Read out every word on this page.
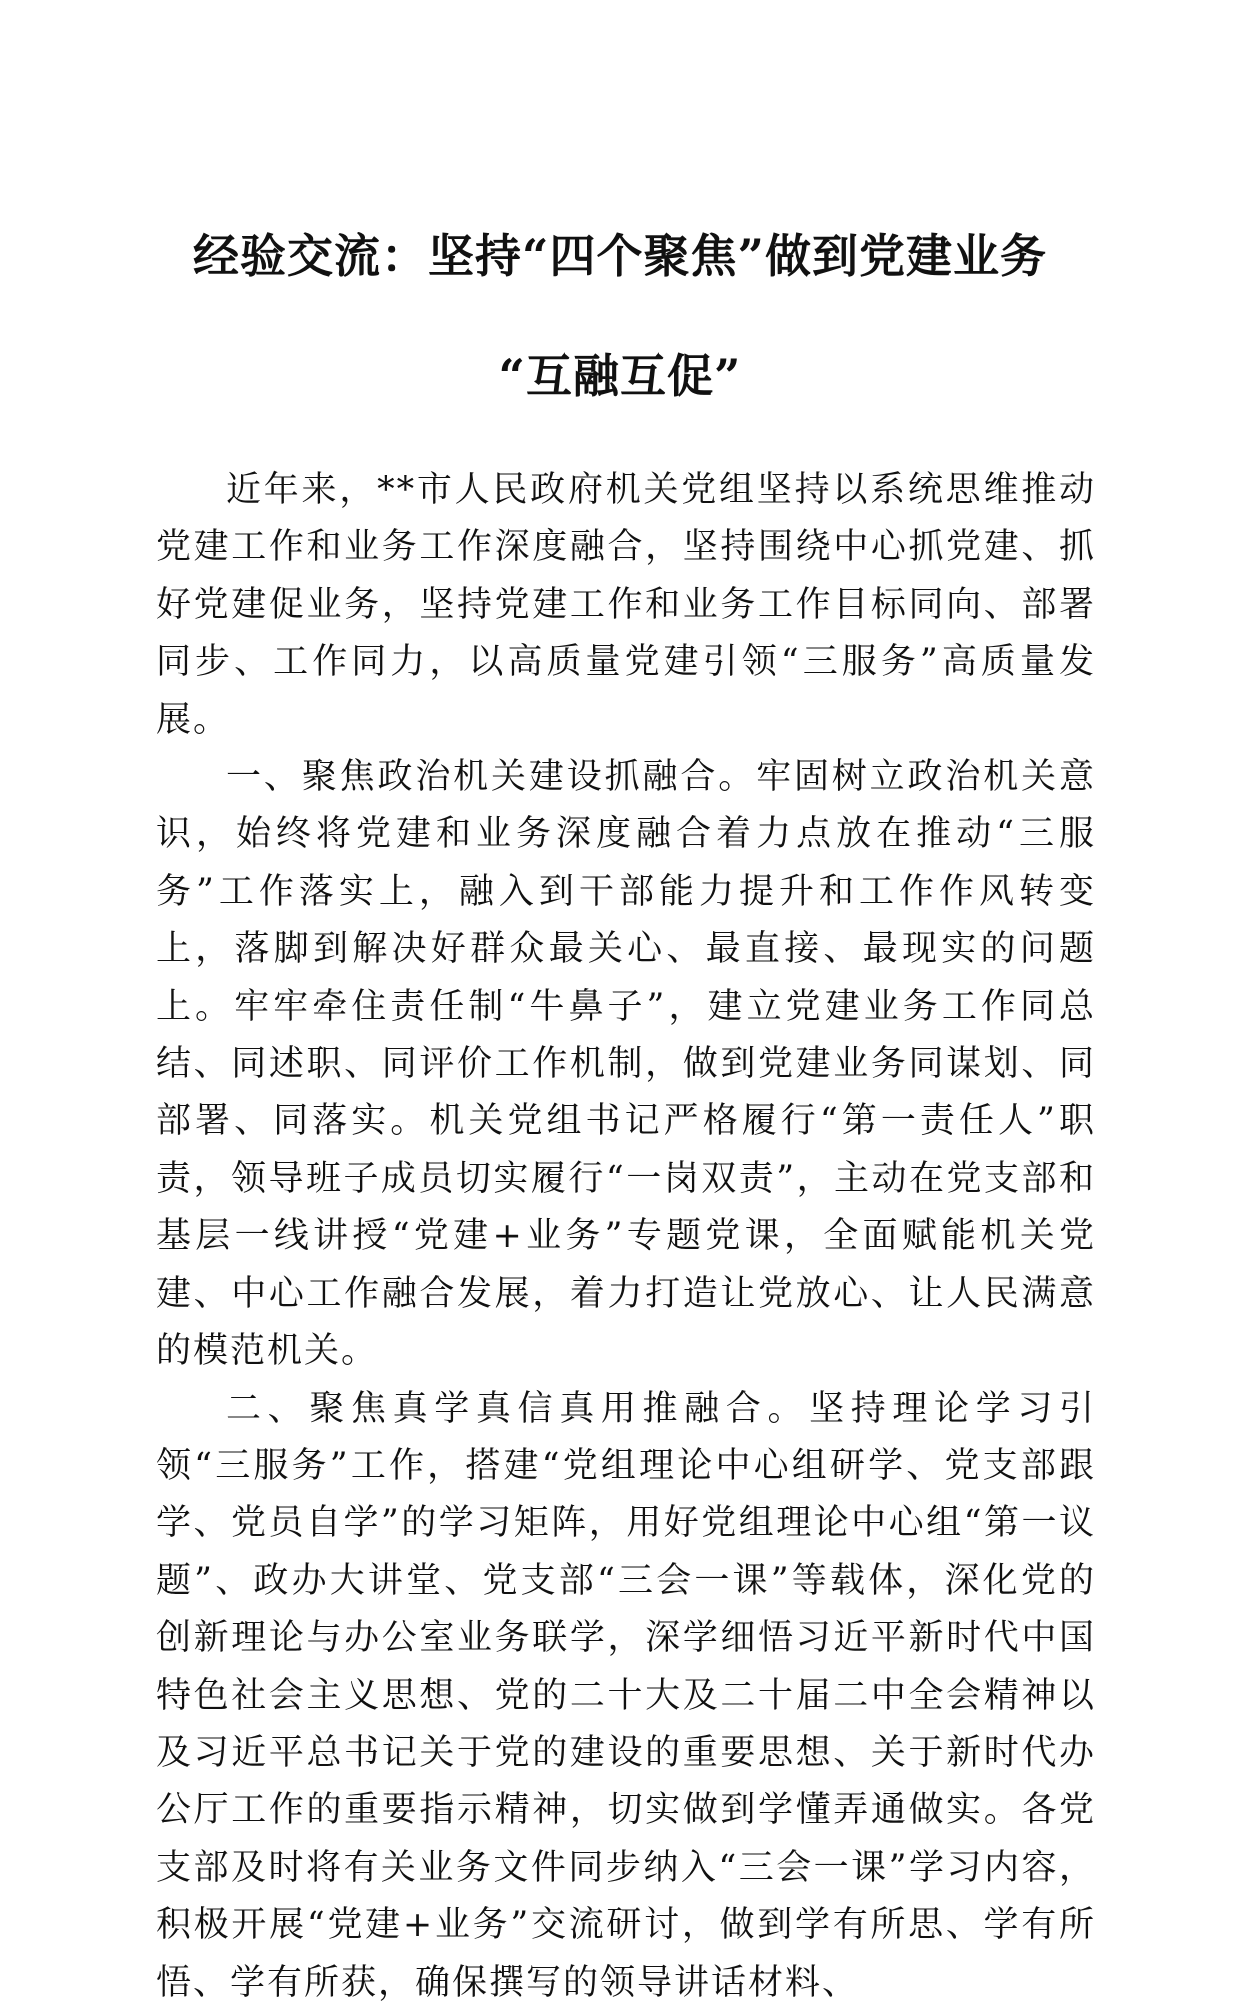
经验交流：坚持“四个聚焦”做到党建业务
“互融互促”

近年来，**市人民政府机关党组坚持以系统思维推动党建工作和业务工作深度融合，坚持围绕中心抓党建、抓好党建促业务，坚持党建工作和业务工作目标同向、部署同步、工作同力，以高质量党建引领“三服务”高质量发展。

一、聚焦政治机关建设抓融合。牢固树立政治机关意识，始终将党建和业务深度融合着力点放在推动“三服务”工作落实上，融入到干部能力提升和工作作风转变上，落脚到解决好群众最关心、最直接、最现实的问题上。牢牢牵住责任制“牛鼻子”，建立党建业务工作同总结、同述职、同评价工作机制，做到党建业务同谋划、同部署、同落实。机关党组书记严格履行“第一责任人”职责，领导班子成员切实履行“一岗双责”，主动在党支部和基层一线讲授“党建+业务”专题党课，全面赋能机关党建、中心工作融合发展，着力打造让党放心、让人民满意的模范机关。

二、聚焦真学真信真用推融合。坚持理论学习引领“三服务”工作，搭建“党组理论中心组研学、党支部跟学、党员自学”的学习矩阵，用好党组理论中心组“第一议题”、政办大讲堂、党支部“三会一课”等载体，深化党的创新理论与办公室业务联学，深学细悟习近平新时代中国特色社会主义思想、党的二十大及二十届二中全会精神以及习近平总书记关于党的建设的重要思想、关于新时代办公厅工作的重要指示精神，切实做到学懂弄通做实。各党支部及时将有关业务文件同步纳入“三会一课”学习内容，积极开展“党建+业务”交流研讨，做到学有所思、学有所悟、学有所获，确保撰写的领导讲话材料、
